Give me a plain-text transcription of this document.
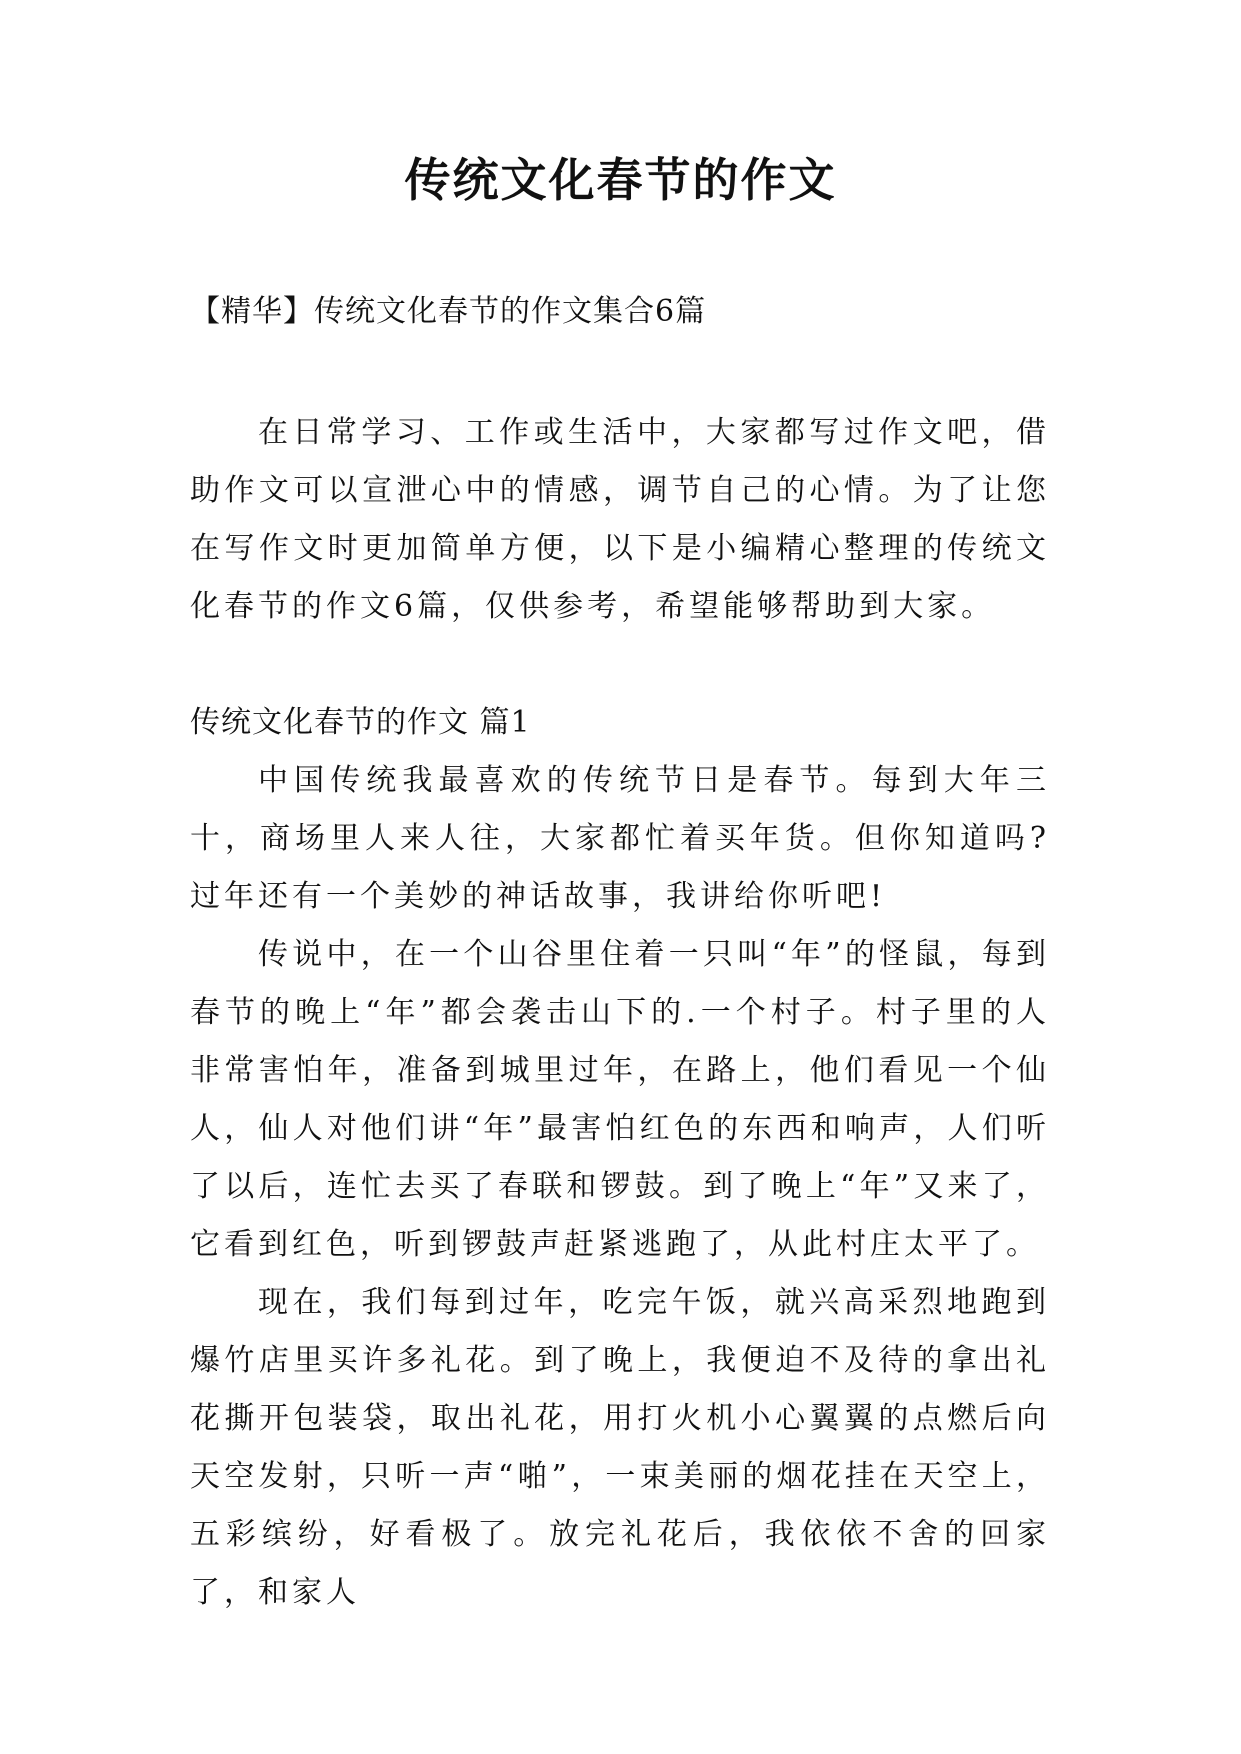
传统文化春节的作文
【精华】传统文化春节的作文集合6篇

在日常学习、工作或生活中，大家都写过作文吧，借助作文可以宣泄心中的情感，调节自己的心情。为了让您在写作文时更加简单方便，以下是小编精心整理的传统文化春节的作文6篇，仅供参考，希望能够帮助到大家。

传统文化春节的作文 篇1

中国传统我最喜欢的传统节日是春节。每到大年三十，商场里人来人往，大家都忙着买年货。但你知道吗?过年还有一个美妙的神话故事，我讲给你听吧!

传说中，在一个山谷里住着一只叫“年”的怪鼠，每到春节的晚上“年”都会袭击山下的.一个村子。村子里的人非常害怕年，准备到城里过年，在路上，他们看见一个仙人，仙人对他们讲“年”最害怕红色的东西和响声，人们听了以后，连忙去买了春联和锣鼓。到了晚上“年”又来了，它看到红色，听到锣鼓声赶紧逃跑了，从此村庄太平了。

现在，我们每到过年，吃完午饭，就兴高采烈地跑到爆竹店里买许多礼花。到了晚上，我便迫不及待的拿出礼花撕开包装袋，取出礼花，用打火机小心翼翼的点燃后向天空发射，只听一声“啪”，一束美丽的烟花挂在天空上，五彩缤纷，好看极了。放完礼花后，我依依不舍的回家了，和家人
